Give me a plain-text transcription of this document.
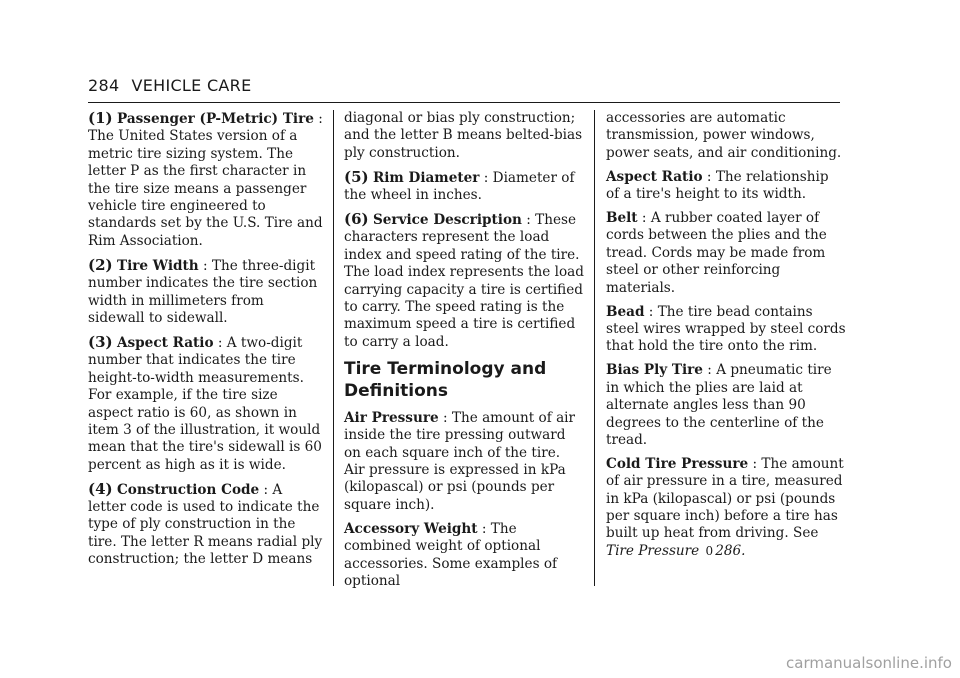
284 VEHICLE CARE

(1) Passenger (P-Metric) Tire : The United States version of a metric tire sizing system. The letter P as the first character in the tire size means a passenger vehicle tire engineered to standards set by the U.S. Tire and Rim Association.

(2) Tire Width : The three-digit number indicates the tire section width in millimeters from sidewall to sidewall.

(3) Aspect Ratio : A two-digit number that indicates the tire height-to-width measurements. For example, if the tire size aspect ratio is 60, as shown in item 3 of the illustration, it would mean that the tire's sidewall is 60 percent as high as it is wide.

(4) Construction Code : A letter code is used to indicate the type of ply construction in the tire. The letter R means radial ply construction; the letter D means

diagonal or bias ply construction; and the letter B means belted-bias ply construction.

(5) Rim Diameter : Diameter of the wheel in inches.

(6) Service Description : These characters represent the load index and speed rating of the tire. The load index represents the load carrying capacity a tire is certified to carry. The speed rating is the maximum speed a tire is certified to carry a load.

Tire Terminology and Definitions

Air Pressure : The amount of air inside the tire pressing outward on each square inch of the tire. Air pressure is expressed in kPa (kilopascal) or psi (pounds per square inch).

Accessory Weight : The combined weight of optional accessories. Some examples of optional

accessories are automatic transmission, power windows, power seats, and air conditioning.

Aspect Ratio : The relationship of a tire's height to its width.

Belt : A rubber coated layer of cords between the plies and the tread. Cords may be made from steel or other reinforcing materials.

Bead : The tire bead contains steel wires wrapped by steel cords that hold the tire onto the rim.

Bias Ply Tire : A pneumatic tire in which the plies are laid at alternate angles less than 90 degrees to the centerline of the tread.

Cold Tire Pressure : The amount of air pressure in a tire, measured in kPa (kilopascal) or psi (pounds per square inch) before a tire has built up heat from driving. See
Tire Pressure 0 286.

carmanualsonline.info
